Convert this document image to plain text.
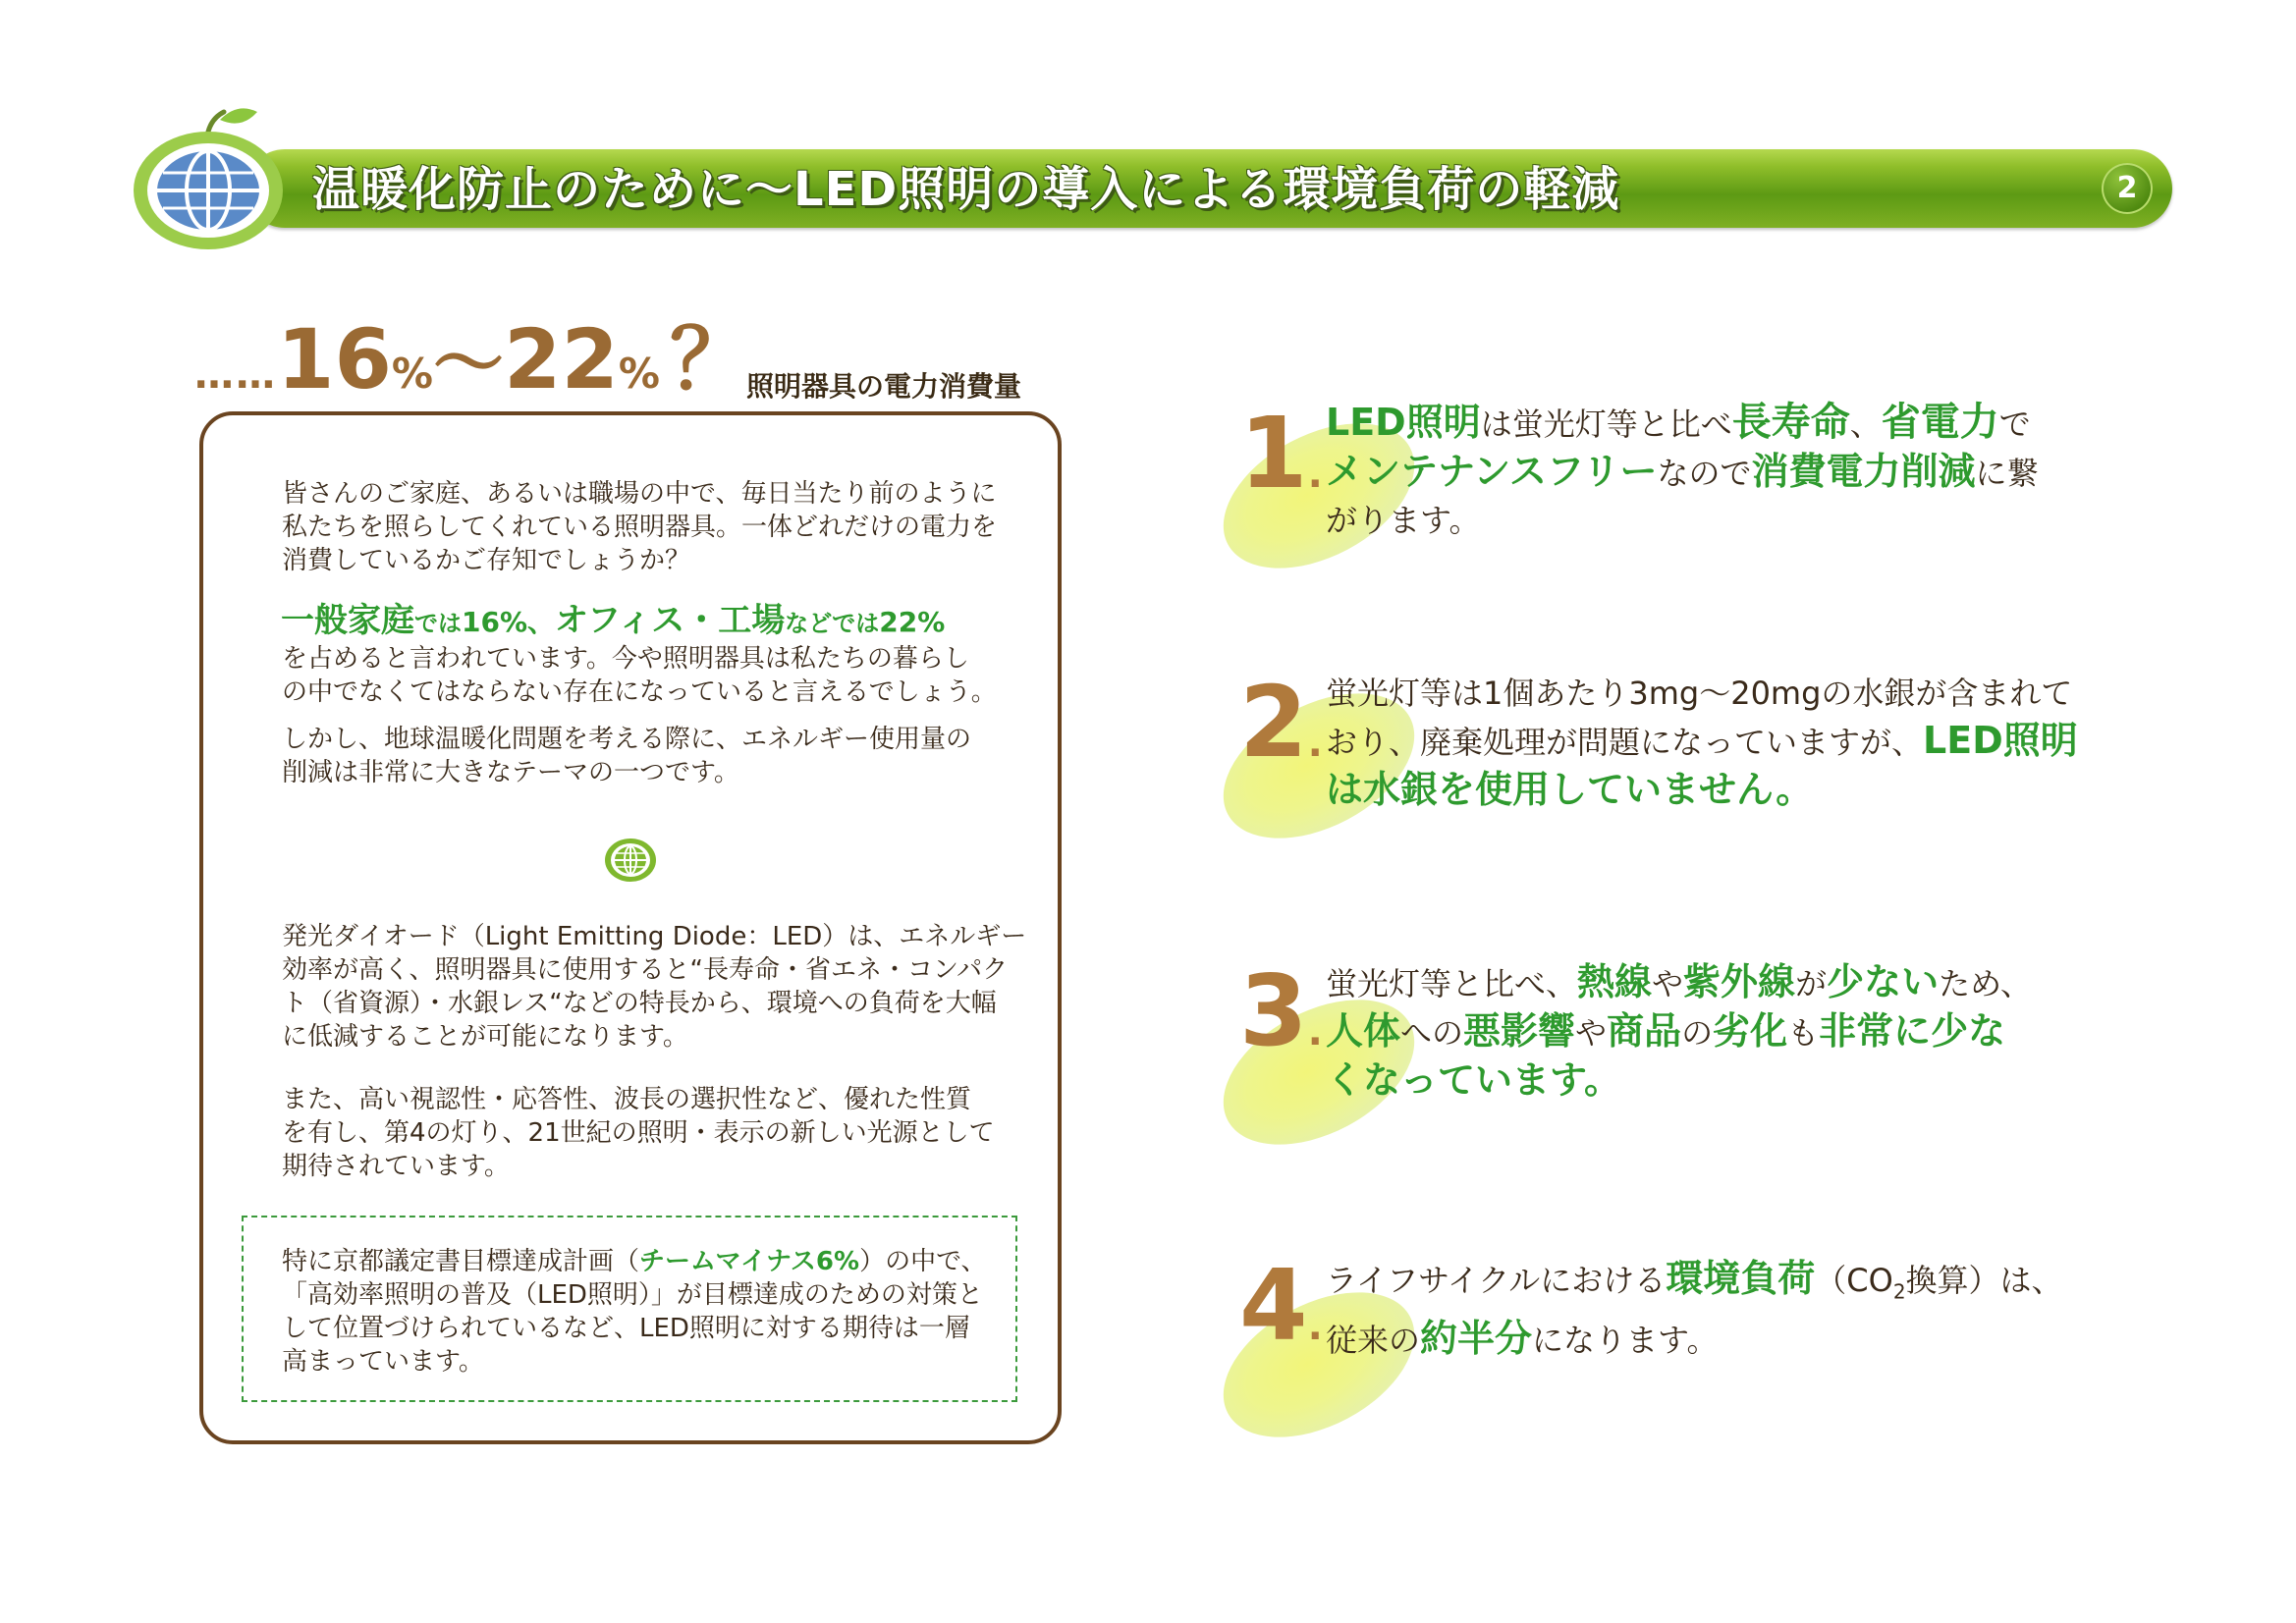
温暖化防止のために～LED照明の導入による環境負荷の軽減	2
……16%～22% ？
照明器具の電力消費量
皆さんのご家庭、あるいは職場の中で、毎日当たり前のように
私たちを照らしてくれている照明器具。一体どれだけの電力を
消費しているかご存知でしょうか？
一般家庭では16%、オフィス・工場などでは22%
を占めると言われています。今や照明器具は私たちの暮らし
の中でなくてはならない存在になっていると言えるでしょう。
しかし、地球温暖化問題を考える際に、エネルギー使用量の
削減は非常に大きなテーマの一つです。
発光ダイオード（Light Emitting Diode：LED）は、エネルギー
効率が高く、照明器具に使用すると“長寿命・省エネ・コンパク
ト（省資源）・水銀レス“などの特長から、環境への負荷を大幅
に低減することが可能になります。
また、高い視認性・応答性、波長の選択性など、優れた性質
を有し、第4の灯り、21世紀の照明・表示の新しい光源として
期待されています。
特に京都議定書目標達成計画（チームマイナス6%）の中で、
「高効率照明の普及（LED照明）」が目標達成のための対策と
して位置づけられているなど、LED照明に対する期待は一層
高まっています。
1.
LED照明は蛍光灯等と比べ長寿命、省電力で
メンテナンスフリーなので消費電力削減に繋
がります。
2.
蛍光灯等は1個あたり3mg～20mgの水銀が含まれて
おり、廃棄処理が問題になっていますが、LED照明
は水銀を使用していません。
3.
蛍光灯等と比べ、熱線や紫外線が少ないため、
人体への悪影響や商品の劣化も非常に少な
くなっています。
4.
ライフサイクルにおける環境負荷（$CO_2$換算）は、
従来の約半分になります。
